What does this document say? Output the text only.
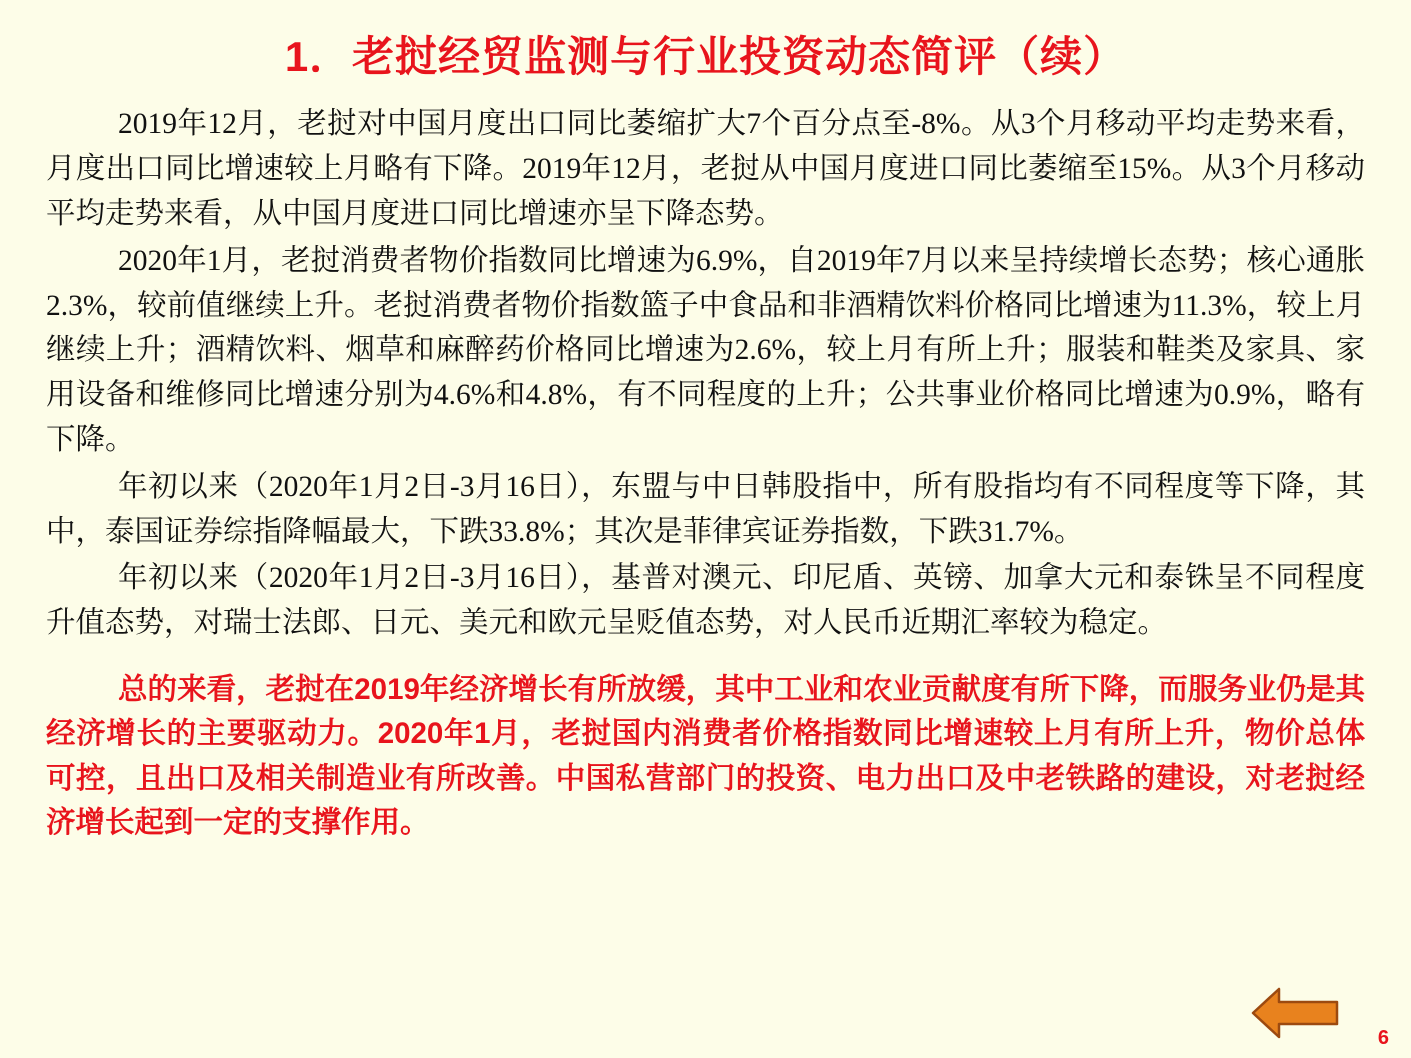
1．老挝经贸监测与行业投资动态简评（续）

2019年12月，老挝对中国月度出口同比萎缩扩大7个百分点至-8%。从3个月移动平均走势来看，月度出口同比增速较上月略有下降。2019年12月，老挝从中国月度进口同比萎缩至15%。从3个月移动平均走势来看，从中国月度进口同比增速亦呈下降态势。

2020年1月，老挝消费者物价指数同比增速为6.9%，自2019年7月以来呈持续增长态势；核心通胀2.3%，较前值继续上升。老挝消费者物价指数篮子中食品和非酒精饮料价格同比增速为11.3%，较上月继续上升；酒精饮料、烟草和麻醉药价格同比增速为2.6%，较上月有所上升；服装和鞋类及家具、家用设备和维修同比增速分别为4.6%和4.8%，有不同程度的上升；公共事业价格同比增速为0.9%，略有下降。

年初以来（2020年1月2日-3月16日），东盟与中日韩股指中，所有股指均有不同程度等下降，其中，泰国证券综指降幅最大，下跌33.8%；其次是菲律宾证券指数，下跌31.7%。

年初以来（2020年1月2日-3月16日），基普对澳元、印尼盾、英镑、加拿大元和泰铢呈不同程度升值态势，对瑞士法郎、日元、美元和欧元呈贬值态势，对人民币近期汇率较为稳定。

总的来看，老挝在2019年经济增长有所放缓，其中工业和农业贡献度有所下降，而服务业仍是其经济增长的主要驱动力。2020年1月，老挝国内消费者价格指数同比增速较上月有所上升，物价总体可控，且出口及相关制造业有所改善。中国私营部门的投资、电力出口及中老铁路的建设，对老挝经济增长起到一定的支撑作用。

6
